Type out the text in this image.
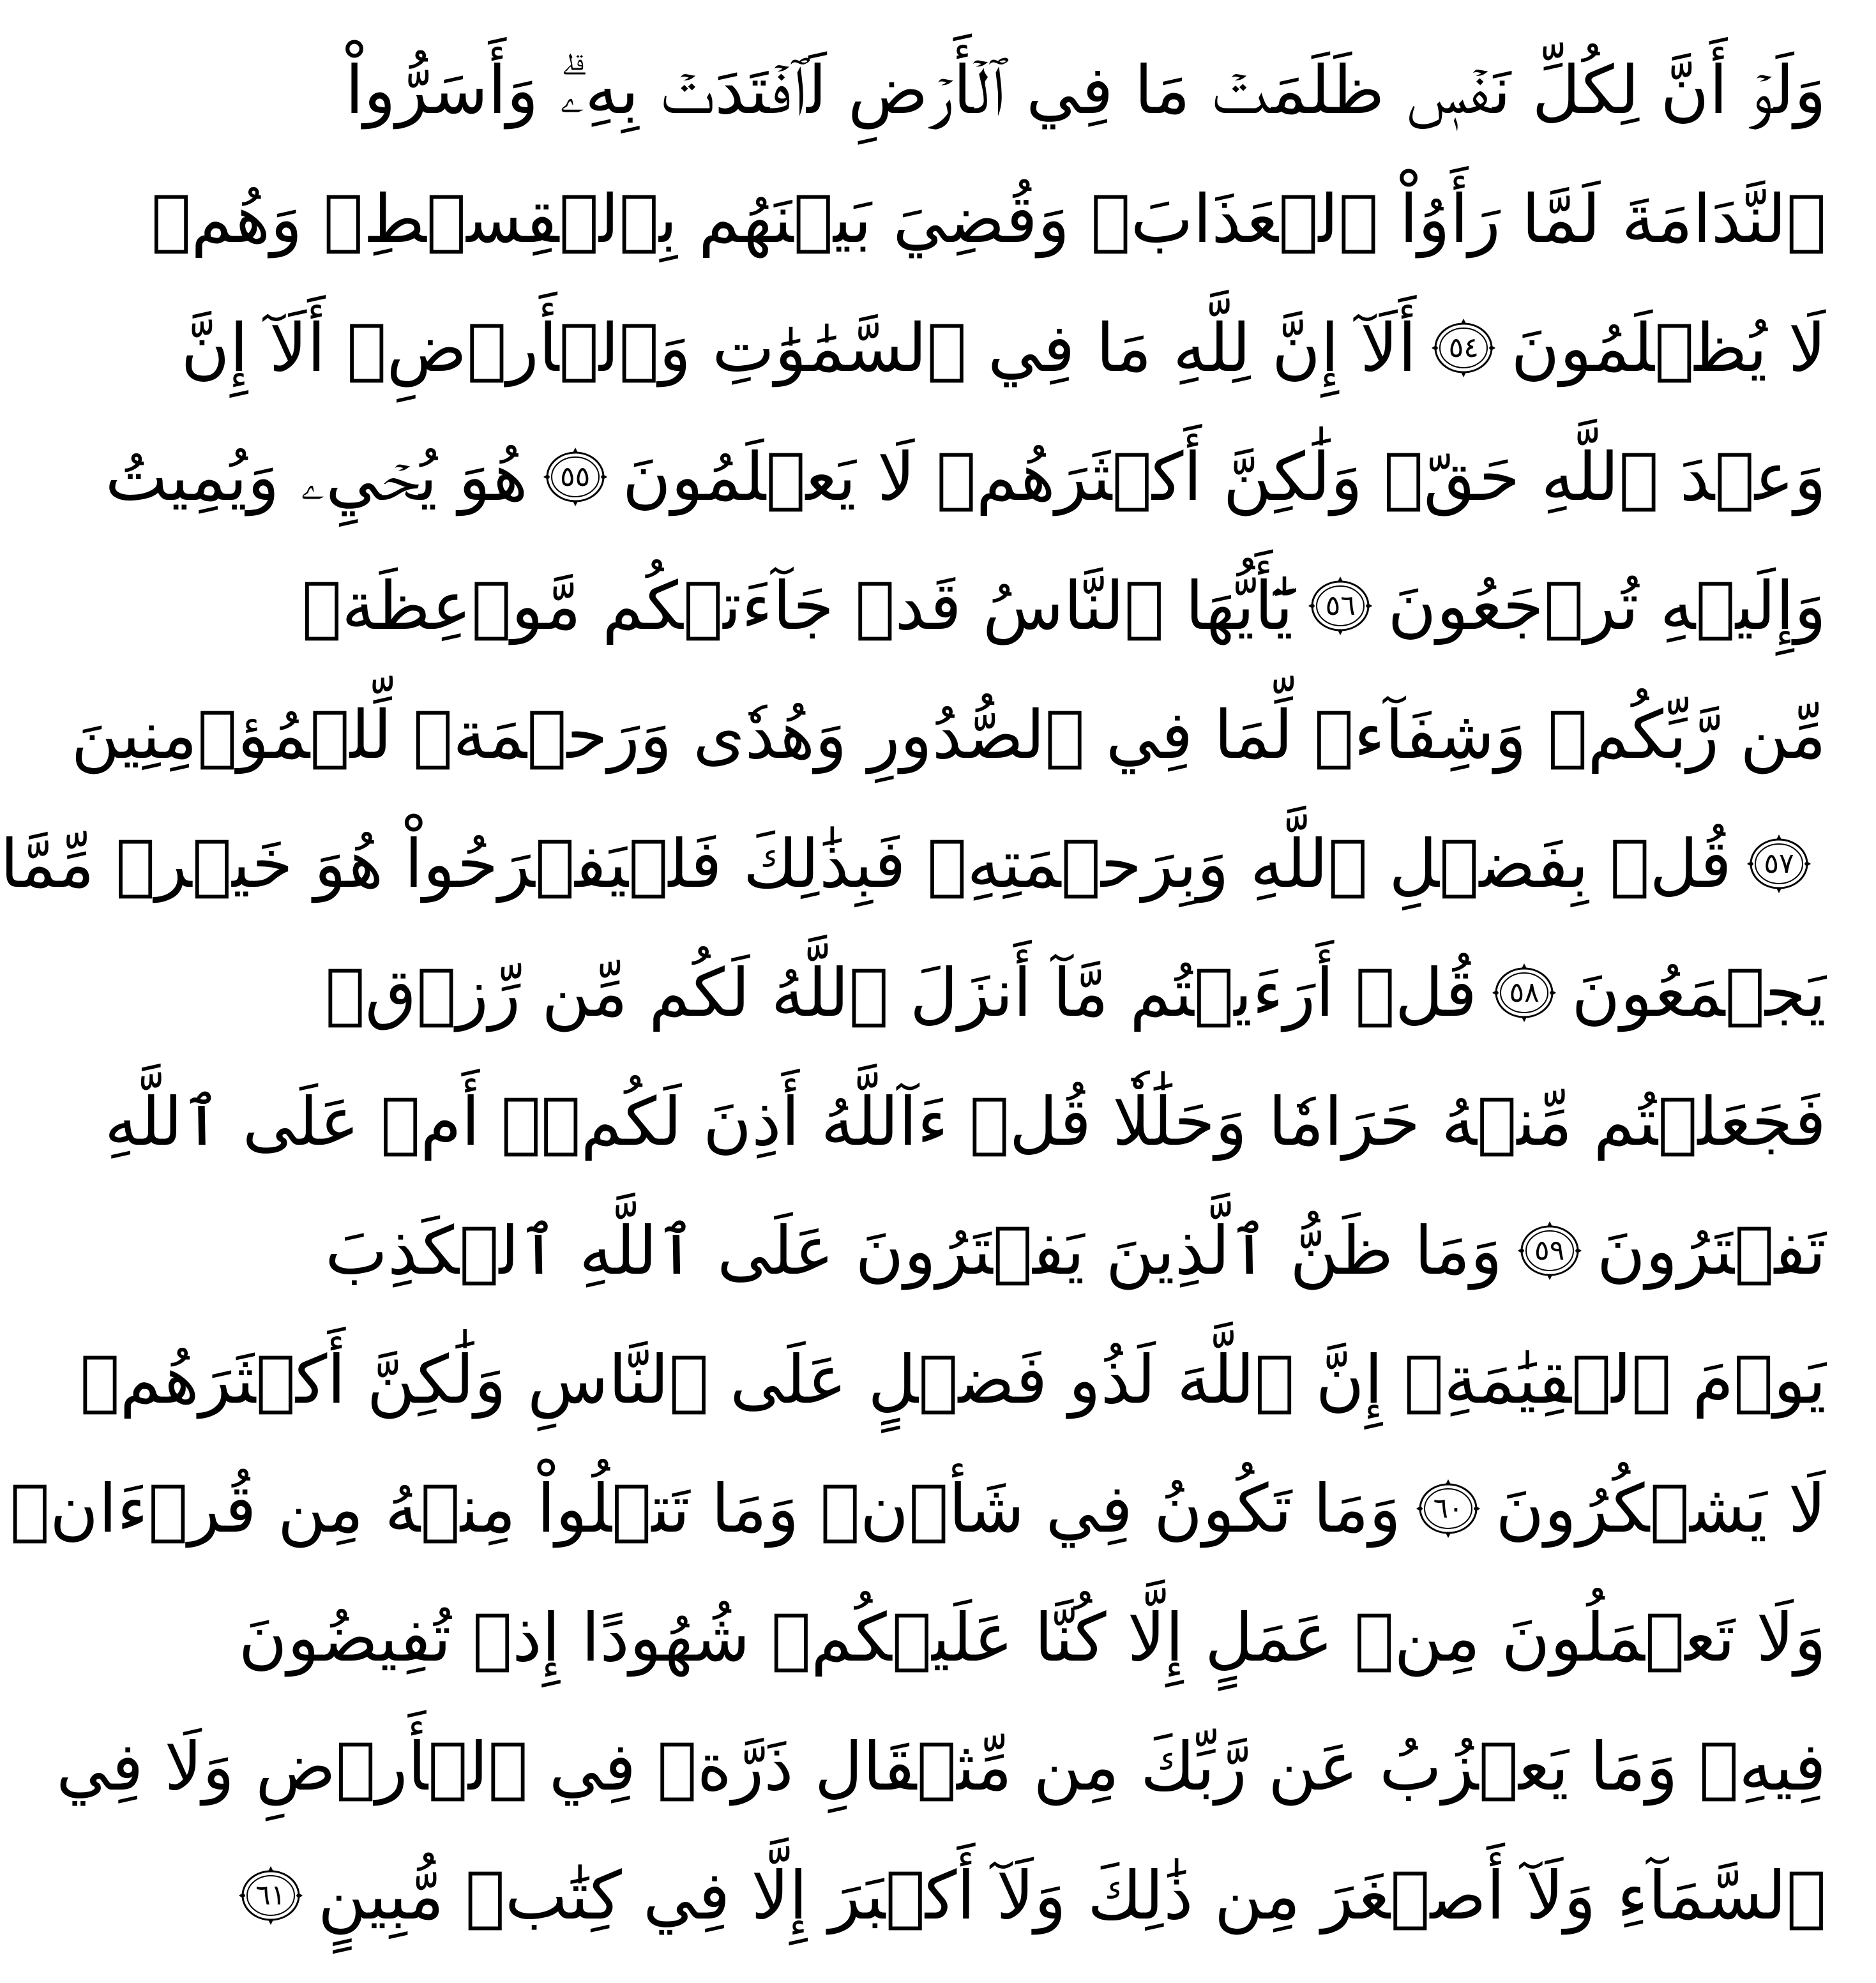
وَلَوۡ أَنَّ لِكُلِّ نَفۡسٖ ظَلَمَتۡ مَا فِي ٱلۡأَرۡضِ لَٱفۡتَدَتۡ بِهِۦۗ وَأَسَرُّواْ
ٱلنَّدَامَةَ لَمَّا رَأَوُاْ ٱلۡعَذَابَۖ وَقُضِيَ بَيۡنَهُم بِٱلۡقِسۡطِۚ وَهُمۡ
لَا يُظۡلَمُونَ
٥٤
أَلَآ إِنَّ لِلَّهِ مَا فِي ٱلسَّمَٰوَٰتِ وَٱلۡأَرۡضِۗ أَلَآ إِنَّ
وَعۡدَ ٱللَّهِ حَقّٞ وَلَٰكِنَّ أَكۡثَرَهُمۡ لَا يَعۡلَمُونَ
٥٥
هُوَ يُحۡيِۦ وَيُمِيتُ
وَإِلَيۡهِ تُرۡجَعُونَ
٥٦
يَٰٓأَيُّهَا ٱلنَّاسُ قَدۡ جَآءَتۡكُم مَّوۡعِظَةٞ
مِّن رَّبِّكُمۡ وَشِفَآءٞ لِّمَا فِي ٱلصُّدُورِ وَهُدٗى وَرَحۡمَةٞ لِّلۡمُؤۡمِنِينَ
٥٧
قُلۡ بِفَضۡلِ ٱللَّهِ وَبِرَحۡمَتِهِۦ فَبِذَٰلِكَ فَلۡيَفۡرَحُواْ هُوَ خَيۡرٞ مِّمَّا
يَجۡمَعُونَ
٥٨
قُلۡ أَرَءَيۡتُم مَّآ أَنزَلَ ٱللَّهُ لَكُم مِّن رِّزۡقٖ
فَجَعَلۡتُم مِّنۡهُ حَرَامٗا وَحَلَٰلٗا قُلۡ ءَآللَّهُ أَذِنَ لَكُمۡۖ أَمۡ عَلَى ٱللَّهِ
تَفۡتَرُونَ
٥٩
وَمَا ظَنُّ ٱلَّذِينَ يَفۡتَرُونَ عَلَى ٱللَّهِ ٱلۡكَذِبَ
يَوۡمَ ٱلۡقِيَٰمَةِۗ إِنَّ ٱللَّهَ لَذُو فَضۡلٍ عَلَى ٱلنَّاسِ وَلَٰكِنَّ أَكۡثَرَهُمۡ
لَا يَشۡكُرُونَ
٦٠
وَمَا تَكُونُ فِي شَأۡنٖ وَمَا تَتۡلُواْ مِنۡهُ مِن قُرۡءَانٖ
وَلَا تَعۡمَلُونَ مِنۡ عَمَلٍ إِلَّا كُنَّا عَلَيۡكُمۡ شُهُودًا إِذۡ تُفِيضُونَ
فِيهِۚ وَمَا يَعۡزُبُ عَن رَّبِّكَ مِن مِّثۡقَالِ ذَرَّةٖ فِي ٱلۡأَرۡضِ وَلَا فِي
ٱلسَّمَآءِ وَلَآ أَصۡغَرَ مِن ذَٰلِكَ وَلَآ أَكۡبَرَ إِلَّا فِي كِتَٰبٖ مُّبِينٍ
٦١
